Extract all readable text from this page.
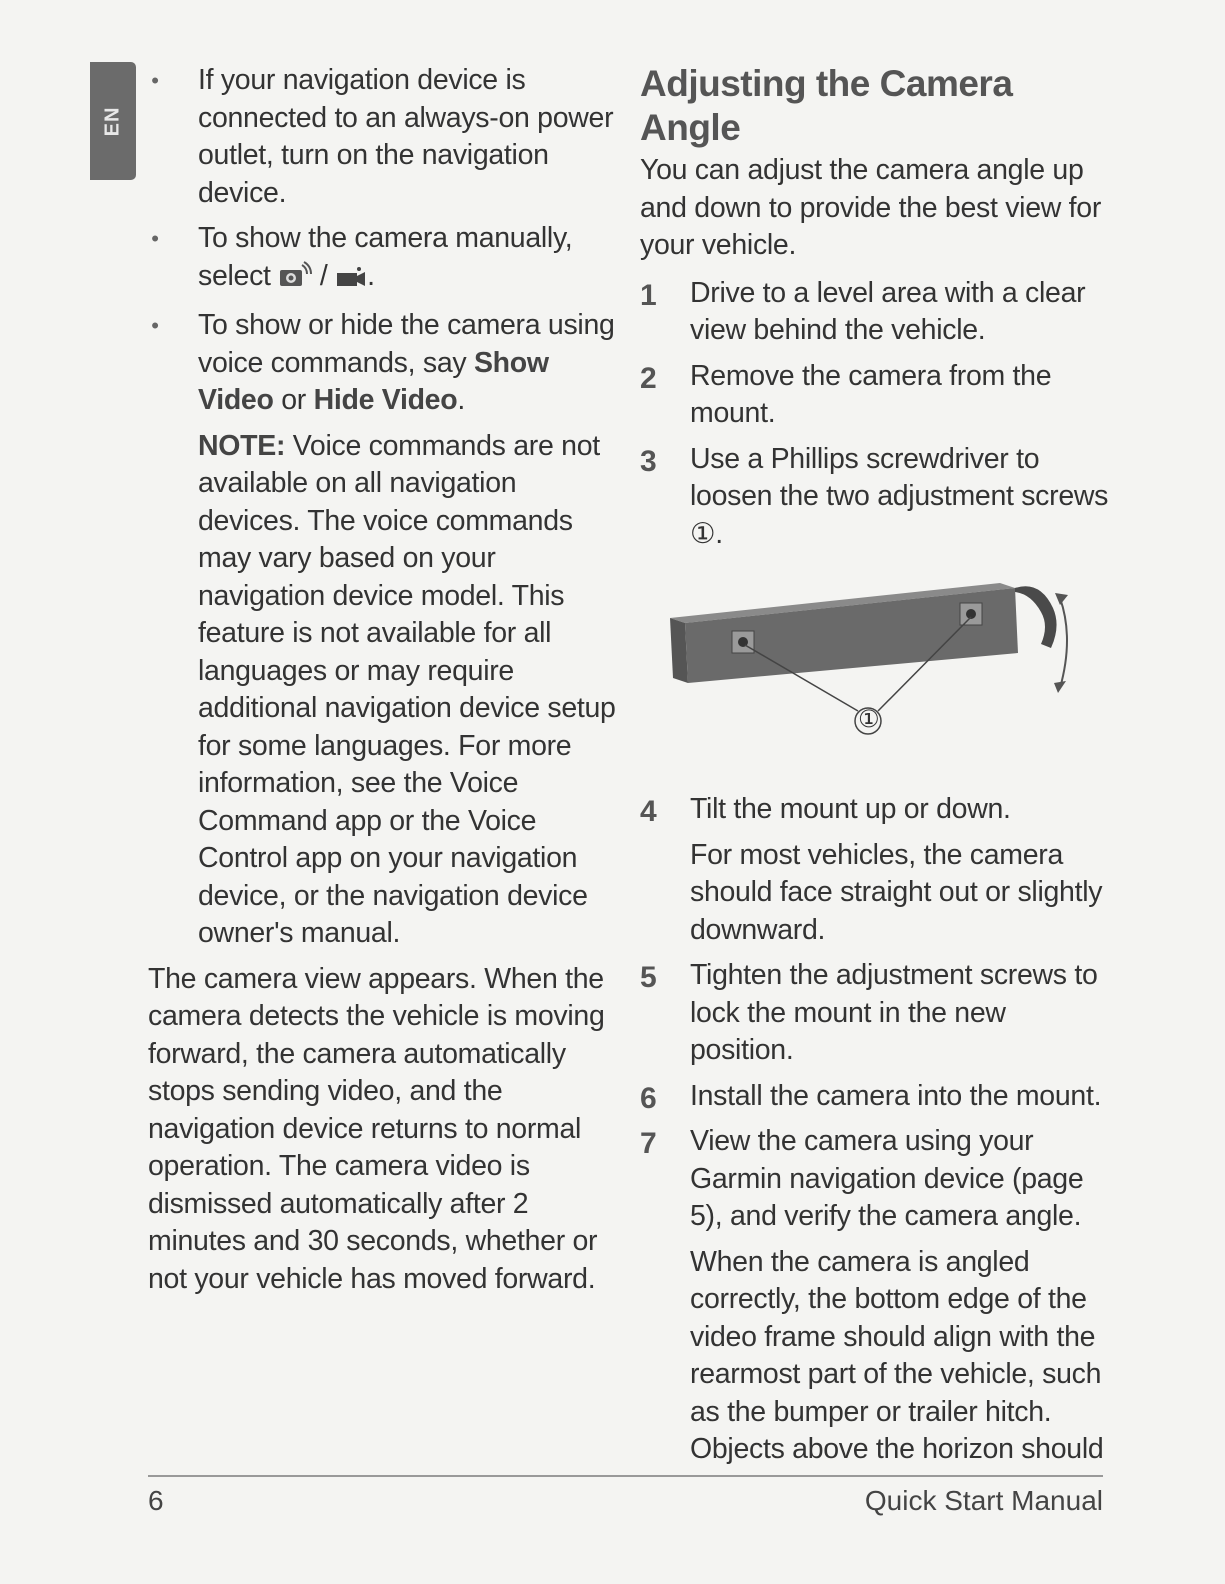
EN
• If your navigation device is connected to an always-on power outlet, turn on the navigation device.
• To show the camera manually, select  / .
• To show or hide the camera using voice commands, say Show Video or Hide Video.
NOTE: Voice commands are not available on all navigation devices. The voice commands may vary based on your navigation device model. This feature is not available for all languages or may require additional navigation device setup for some languages. For more information, see the Voice Command app or the Voice Control app on your navigation device, or the navigation device owner's manual.

The camera view appears. When the camera detects the vehicle is moving forward, the camera automatically stops sending video, and the navigation device returns to normal operation. The camera video is dismissed automatically after 2 minutes and 30 seconds, whether or not your vehicle has moved forward.

Adjusting the Camera Angle

You can adjust the camera angle up and down to provide the best view for your vehicle.

1 Drive to a level area with a clear view behind the vehicle.

2 Remove the camera from the mount.

3 Use a Phillips screwdriver to loosen the two adjustment screws ①.

①
4 Tilt the mount up or down.

For most vehicles, the camera should face straight out or slightly downward.

5 Tighten the adjustment screws to lock the mount in the new position.

6 Install the camera into the mount.

7 View the camera using your Garmin navigation device (page 5), and verify the camera angle.

When the camera is angled correctly, the bottom edge of the video frame should align with the rearmost part of the vehicle, such as the bumper or trailer hitch. Objects above the horizon should

6	Quick Start Manual
